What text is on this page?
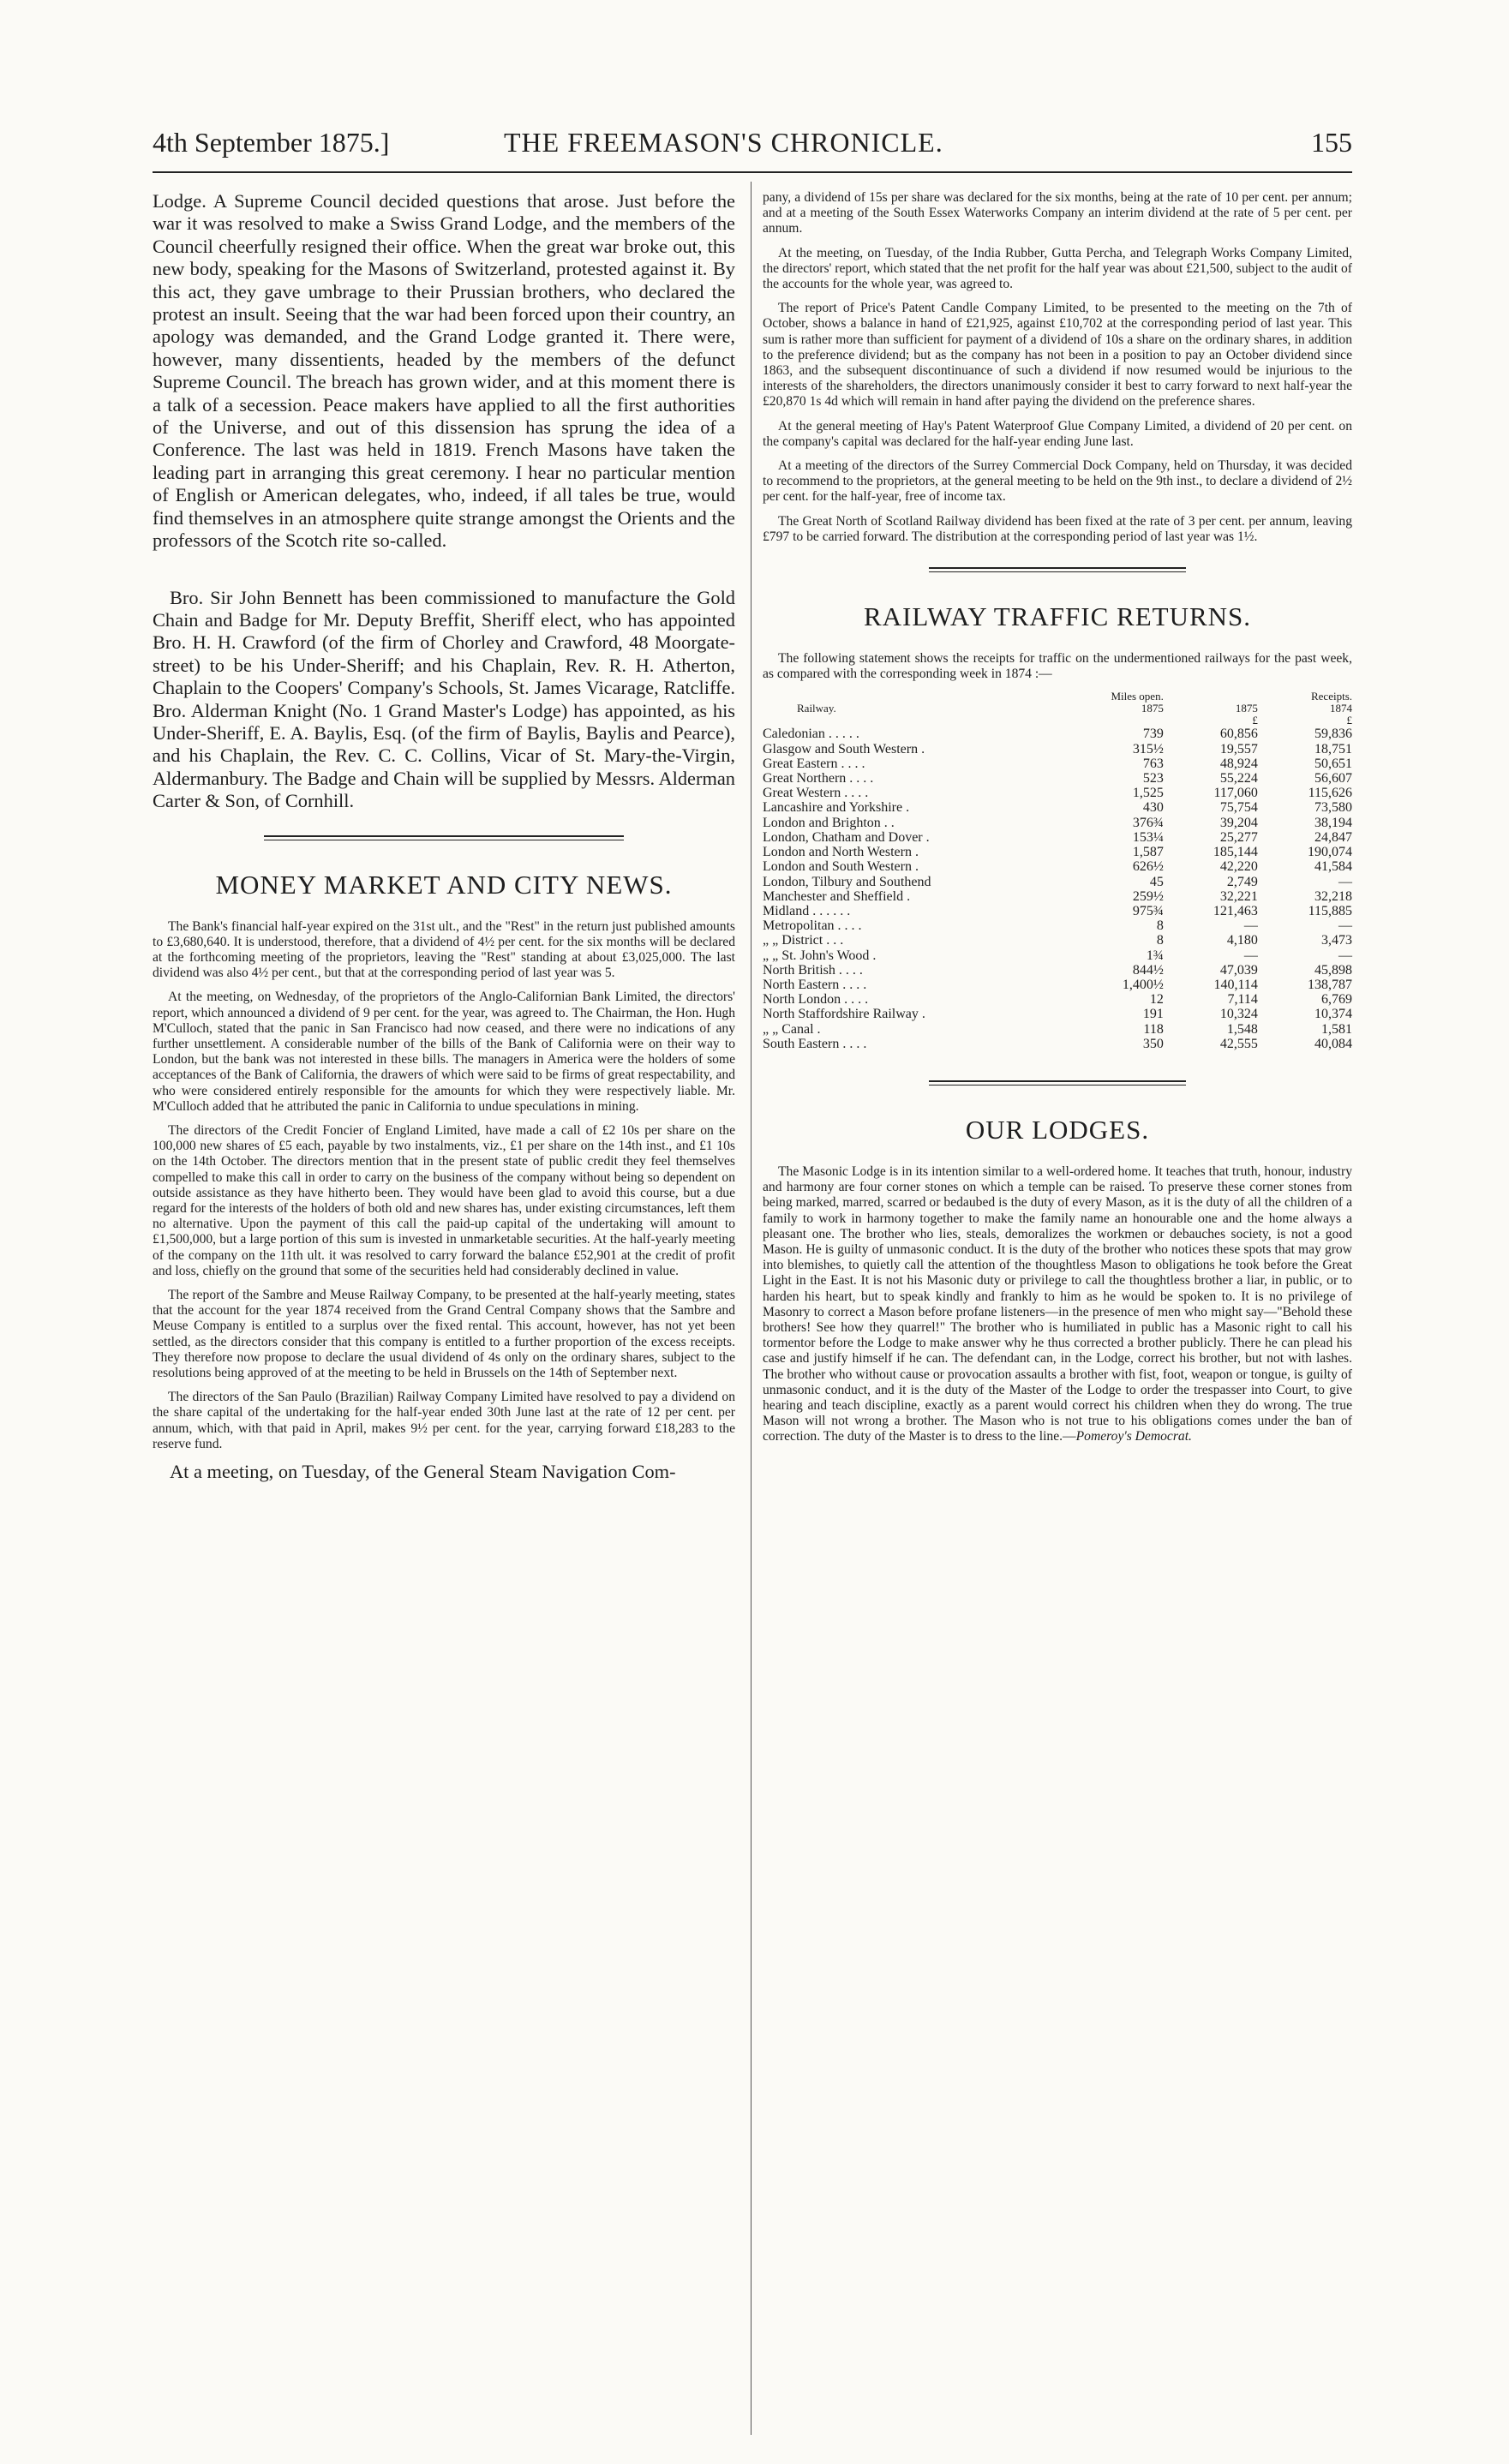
4th September 1875.]	THE FREEMASON'S CHRONICLE.	155

Lodge. A Supreme Council decided questions that arose. Just before the war it was resolved to make a Swiss Grand Lodge, and the members of the Council cheerfully resigned their office. When the great war broke out, this new body, speaking for the Masons of Switzerland, protested against it. By this act, they gave umbrage to their Prussian brothers, who declared the protest an insult. Seeing that the war had been forced upon their country, an apology was demanded, and the Grand Lodge granted it. There were, however, many dissentients, headed by the members of the defunct Supreme Council. The breach has grown wider, and at this moment there is a talk of a secession. Peace makers have applied to all the first authorities of the Universe, and out of this dissension has sprung the idea of a Conference. The last was held in 1819. French Masons have taken the leading part in arranging this great ceremony. I hear no particular mention of English or American delegates, who, indeed, if all tales be true, would find themselves in an atmosphere quite strange amongst the Orients and the professors of the Scotch rite so-called.

Bro. Sir John Bennett has been commissioned to manufacture the Gold Chain and Badge for Mr. Deputy Breffit, Sheriff elect, who has appointed Bro. H. H. Crawford (of the firm of Chorley and Crawford, 48 Moorgate-street) to be his Under-Sheriff; and his Chaplain, Rev. R. H. Atherton, Chaplain to the Coopers' Company's Schools, St. James Vicarage, Ratcliffe. Bro. Alderman Knight (No. 1 Grand Master's Lodge) has appointed, as his Under-Sheriff, E. A. Baylis, Esq. (of the firm of Baylis, Baylis and Pearce), and his Chaplain, the Rev. C. C. Collins, Vicar of St. Mary-the-Virgin, Aldermanbury. The Badge and Chain will be supplied by Messrs. Alderman Carter & Son, of Cornhill.

MONEY MARKET AND CITY NEWS.

The Bank's financial half-year expired on the 31st ult., and the "Rest" in the return just published amounts to £3,680,640. It is understood, therefore, that a dividend of 4½ per cent. for the six months will be declared at the forthcoming meeting of the proprietors, leaving the "Rest" standing at about £3,025,000. The last dividend was also 4½ per cent., but that at the corresponding period of last year was 5.

At the meeting, on Wednesday, of the proprietors of the Anglo-Californian Bank Limited, the directors' report, which announced a dividend of 9 per cent. for the year, was agreed to. The Chairman, the Hon. Hugh M'Culloch, stated that the panic in San Francisco had now ceased, and there were no indications of any further unsettlement. A considerable number of the bills of the Bank of California were on their way to London, but the bank was not interested in these bills. The managers in America were the holders of some acceptances of the Bank of California, the drawers of which were said to be firms of great respectability, and who were considered entirely responsible for the amounts for which they were respectively liable. Mr. M'Culloch added that he attributed the panic in California to undue speculations in mining.

The directors of the Credit Foncier of England Limited, have made a call of £2 10s per share on the 100,000 new shares of £5 each, payable by two instalments, viz., £1 per share on the 14th inst., and £1 10s on the 14th October. The directors mention that in the present state of public credit they feel themselves compelled to make this call in order to carry on the business of the company without being so dependent on outside assistance as they have hitherto been. They would have been glad to avoid this course, but a due regard for the interests of the holders of both old and new shares has, under existing circumstances, left them no alternative. Upon the payment of this call the paid-up capital of the undertaking will amount to £1,500,000, but a large portion of this sum is invested in unmarketable securities. At the half-yearly meeting of the company on the 11th ult. it was resolved to carry forward the balance £52,901 at the credit of profit and loss, chiefly on the ground that some of the securities held had considerably declined in value.

The report of the Sambre and Meuse Railway Company, to be presented at the half-yearly meeting, states that the account for the year 1874 received from the Grand Central Company shows that the Sambre and Meuse Company is entitled to a surplus over the fixed rental. This account, however, has not yet been settled, as the directors consider that this company is entitled to a further proportion of the excess receipts. They therefore now propose to declare the usual dividend of 4s only on the ordinary shares, subject to the resolutions being approved of at the meeting to be held in Brussels on the 14th of September next.

The directors of the San Paulo (Brazilian) Railway Company Limited have resolved to pay a dividend on the share capital of the undertaking for the half-year ended 30th June last at the rate of 12 per cent. per annum, which, with that paid in April, makes 9½ per cent. for the year, carrying forward £18,283 to the reserve fund.

At a meeting, on Tuesday, of the General Steam Navigation Com-

pany, a dividend of 15s per share was declared for the six months, being at the rate of 10 per cent. per annum; and at a meeting of the South Essex Waterworks Company an interim dividend at the rate of 5 per cent. per annum.

At the meeting, on Tuesday, of the India Rubber, Gutta Percha, and Telegraph Works Company Limited, the directors' report, which stated that the net profit for the half year was about £21,500, subject to the audit of the accounts for the whole year, was agreed to.

The report of Price's Patent Candle Company Limited, to be presented to the meeting on the 7th of October, shows a balance in hand of £21,925, against £10,702 at the corresponding period of last year. This sum is rather more than sufficient for payment of a dividend of 10s a share on the ordinary shares, in addition to the preference dividend; but as the company has not been in a position to pay an October dividend since 1863, and the subsequent discontinuance of such a dividend if now resumed would be injurious to the interests of the shareholders, the directors unanimously consider it best to carry forward to next half-year the £20,870 1s 4d which will remain in hand after paying the dividend on the preference shares.

At the general meeting of Hay's Patent Waterproof Glue Company Limited, a dividend of 20 per cent. on the company's capital was declared for the half-year ending June last.

At a meeting of the directors of the Surrey Commercial Dock Company, held on Thursday, it was decided to recommend to the proprietors, at the general meeting to be held on the 9th inst., to declare a dividend of 2½ per cent. for the half-year, free of income tax.

The Great North of Scotland Railway dividend has been fixed at the rate of 3 per cent. per annum, leaving £797 to be carried forward. The distribution at the corresponding period of last year was 1½.

RAILWAY TRAFFIC RETURNS.

The following statement shows the receipts for traffic on the undermentioned railways for the past week, as compared with the corresponding week in 1874 :—

	Miles open.	Receipts.	
Railway.	1875	1875	1874
		£	£
Caledonian . . . . .	739	60,856	59,836
Glasgow and South Western .	315½	19,557	18,751
Great Eastern . . . .	763	48,924	50,651
Great Northern . . . .	523	55,224	56,607
Great Western . . . .	1,525	117,060	115,626
Lancashire and Yorkshire .	430	75,754	73,580
London and Brighton . .	376¾	39,204	38,194
London, Chatham and Dover .	153¼	25,277	24,847
London and North Western .	1,587	185,144	190,074
London and South Western .	626½	42,220	41,584
London, Tilbury and Southend	45	2,749	—
Manchester and Sheffield .	259½	32,221	32,218
Midland . . . . . .	975¾	121,463	115,885
Metropolitan . . . .	8	—	—
„ „ District . . .	8	4,180	3,473
„ „ St. John's Wood .	1¾	—	—
North British . . . .	844½	47,039	45,898
North Eastern . . . .	1,400½	140,114	138,787
North London . . . .	12	7,114	6,769
North Staffordshire Railway .	191	10,324	10,374
„ „ Canal .	118	1,548	1,581
South Eastern . . . .	350	42,555	40,084
OUR LODGES.

The Masonic Lodge is in its intention similar to a well-ordered home. It teaches that truth, honour, industry and harmony are four corner stones on which a temple can be raised. To preserve these corner stones from being marked, marred, scarred or bedaubed is the duty of every Mason, as it is the duty of all the children of a family to work in harmony together to make the family name an honourable one and the home always a pleasant one. The brother who lies, steals, demoralizes the workmen or debauches society, is not a good Mason. He is guilty of unmasonic conduct. It is the duty of the brother who notices these spots that may grow into blemishes, to quietly call the attention of the thoughtless Mason to obligations he took before the Great Light in the East. It is not his Masonic duty or privilege to call the thoughtless brother a liar, in public, or to harden his heart, but to speak kindly and frankly to him as he would be spoken to. It is no privilege of Masonry to correct a Mason before profane listeners—in the presence of men who might say—"Behold these brothers! See how they quarrel!" The brother who is humiliated in public has a Masonic right to call his tormentor before the Lodge to make answer why he thus corrected a brother publicly. There he can plead his case and justify himself if he can. The defendant can, in the Lodge, correct his brother, but not with lashes. The brother who without cause or provocation assaults a brother with fist, foot, weapon or tongue, is guilty of unmasonic conduct, and it is the duty of the Master of the Lodge to order the trespasser into Court, to give hearing and teach discipline, exactly as a parent would correct his children when they do wrong. The true Mason will not wrong a brother. The Mason who is not true to his obligations comes under the ban of correction. The duty of the Master is to dress to the line.—Pomeroy's Democrat.
